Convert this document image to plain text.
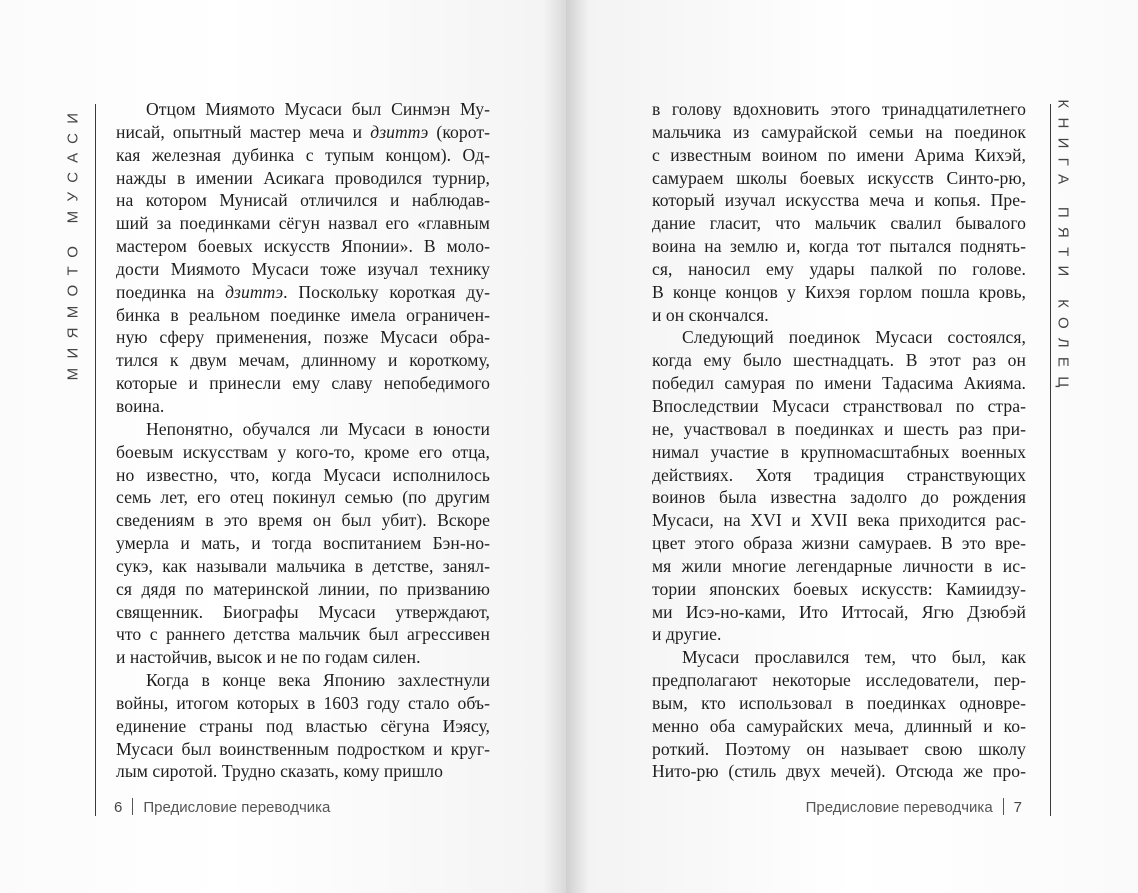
МИЯМОТО МУСАСИ	Отцом Миямото Мусаси был Синмэн Му-
нисай, опытный мастер меча и дзиттэ (корот-
кая железная дубинка с тупым концом). Од-
нажды в имении Асикага проводился турнир,
на котором Мунисай отличился и наблюдав-
ший за поединками сёгун назвал его «главным
мастером боевых искусств Японии». В моло-
дости Миямото Мусаси тоже изучал технику
поединка на дзиттэ. Поскольку короткая ду-
бинка в реальном поединке имела ограничен-
ную сферу применения, позже Мусаси обра-
тился к двум мечам, длинному и короткому,
которые и принесли ему славу непобедимого
воина.

Непонятно, обучался ли Мусаси в юности
боевым искусствам у кого-то, кроме его отца,
но известно, что, когда Мусаси исполнилось
семь лет, его отец покинул семью (по другим
сведениям в это время он был убит). Вскоре
умерла и мать, и тогда воспитанием Бэн-но-
сукэ, как называли мальчика в детстве, занял-
ся дядя по материнской линии, по призванию
священник. Биографы Мусаси утверждают,
что с раннего детства мальчик был агрессивен
и настойчив, высок и не по годам силен.

Когда в конце века Японию захлестнули
войны, итогом которых в 1603 году стало объ-
единение страны под властью сёгуна Иэясу,
Мусаси был воинственным подростком и круг-
лым сиротой. Трудно сказать, кому пришло

6 Предисловие переводчика

в голову вдохновить этого тринадцатилетнего
мальчика из самурайской семьи на поединок
с известным воином по имени Арима Кихэй,
самураем школы боевых искусств Синто-рю,
который изучал искусства меча и копья. Пре-
дание гласит, что мальчик свалил бывалого
воина на землю и, когда тот пытался поднять-
ся, наносил ему удары палкой по голове.
В конце концов у Кихэя горлом пошла кровь,
и он скончался.

Следующий поединок Мусаси состоялся,
когда ему было шестнадцать. В этот раз он
победил самурая по имени Тадасима Акияма.
Впоследствии Мусаси странствовал по стра-
не, участвовал в поединках и шесть раз при-
нимал участие в крупномасштабных военных
действиях. Хотя традиция странствующих
воинов была известна задолго до рождения
Мусаси, на XVI и XVII века приходится рас-
цвет этого образа жизни самураев. В это вре-
мя жили многие легендарные личности в ис-
тории японских боевых искусств: Камиидзу-
ми Исэ-но-ками, Ито Иттосай, Ягю Дзюбэй
и другие.

Мусаси прославился тем, что был, как
предполагают некоторые исследователи, пер-
вым, кто использовал в поединках одновре-
менно оба самурайских меча, длинный и ко-
роткий. Поэтому он называет свою школу
Нито-рю (стиль двух мечей). Отсюда же про-

Предисловие переводчика 7
КНИГА ПЯТИ КОЛЕЦ
